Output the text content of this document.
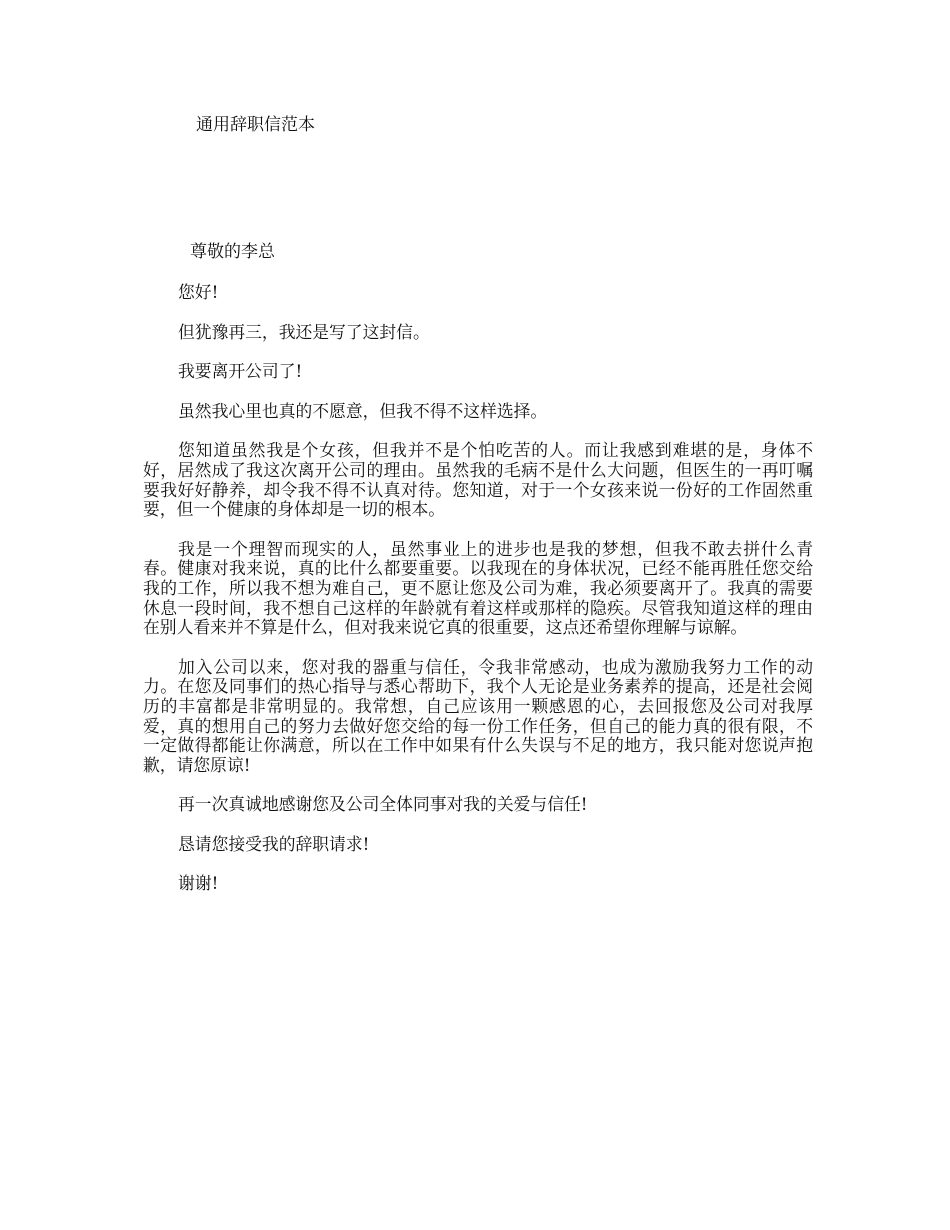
通用辞职信范本
尊敬的李总

您好!

但犹豫再三，我还是写了这封信。

我要离开公司了!

虽然我心里也真的不愿意，但我不得不这样选择。

您知道虽然我是个女孩，但我并不是个怕吃苦的人。而让我感到难堪的是，身体不好，居然成了我这次离开公司的理由。虽然我的毛病不是什么大问题，但医生的一再叮嘱要我好好静养，却令我不得不认真对待。您知道，对于一个女孩来说一份好的工作固然重要，但一个健康的身体却是一切的根本。

我是一个理智而现实的人，虽然事业上的进步也是我的梦想，但我不敢去拼什么青春。健康对我来说，真的比什么都要重要。以我现在的身体状况，已经不能再胜任您交给我的工作，所以我不想为难自己，更不愿让您及公司为难，我必须要离开了。我真的需要休息一段时间，我不想自己这样的年龄就有着这样或那样的隐疾。尽管我知道这样的理由在别人看来并不算是什么，但对我来说它真的很重要，这点还希望你理解与谅解。

加入公司以来，您对我的器重与信任，令我非常感动，也成为激励我努力工作的动力。在您及同事们的热心指导与悉心帮助下，我个人无论是业务素养的提高，还是社会阅历的丰富都是非常明显的。我常想，自己应该用一颗感恩的心，去回报您及公司对我厚爱，真的想用自己的努力去做好您交给的每一份工作任务，但自己的能力真的很有限，不一定做得都能让你满意，所以在工作中如果有什么失误与不足的地方，我只能对您说声抱歉，请您原谅!

再一次真诚地感谢您及公司全体同事对我的关爱与信任!

恳请您接受我的辞职请求!

谢谢!
